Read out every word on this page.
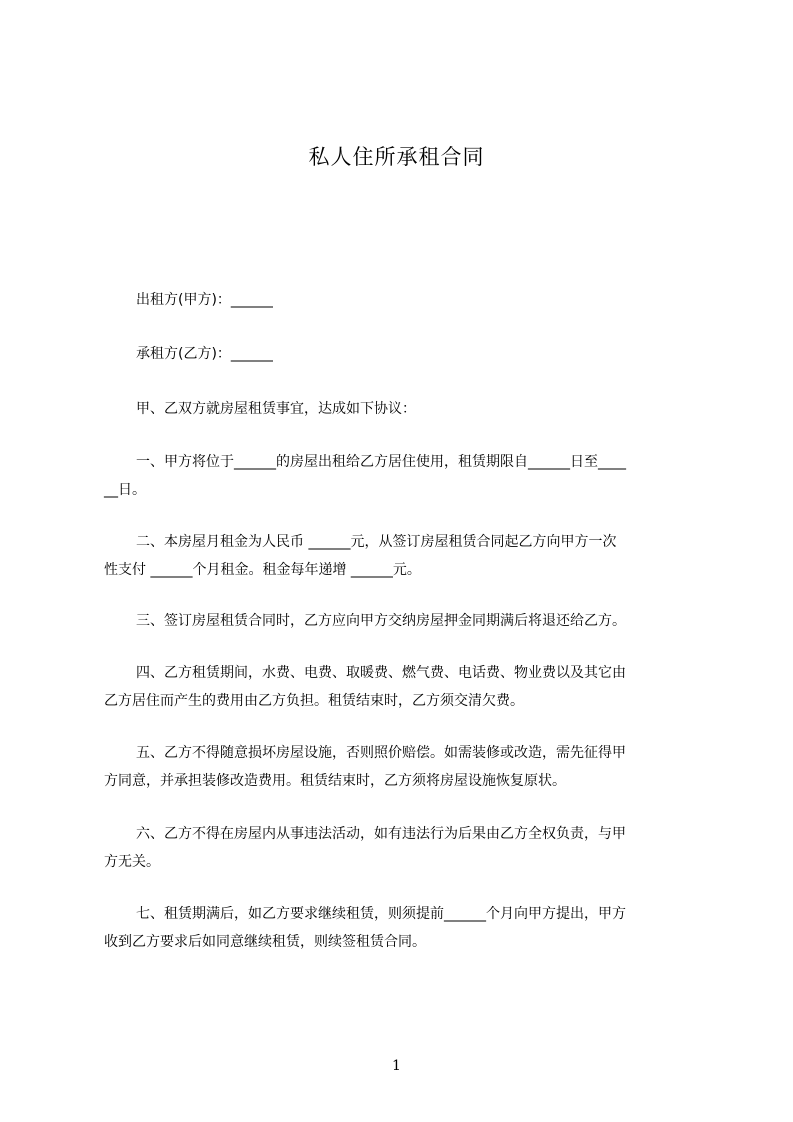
私人住所承租合同
出租方(甲方)：______
承租方(乙方)：______
甲、乙双方就房屋租赁事宜，达成如下协议：
一、甲方将位于______的房屋出租给乙方居住使用，租赁期限自______日至____
__日。
二、本房屋月租金为人民币 ______元，从签订房屋租赁合同起乙方向甲方一次
性支付 ______个月租金。租金每年递增 ______元。
三、签订房屋租赁合同时，乙方应向甲方交纳房屋押金同期满后将退还给乙方。
四、乙方租赁期间，水费、电费、取暖费、燃气费、电话费、物业费以及其它由
乙方居住而产生的费用由乙方负担。租赁结束时，乙方须交清欠费。
五、乙方不得随意损坏房屋设施，否则照价赔偿。如需装修或改造，需先征得甲
方同意，并承担装修改造费用。租赁结束时，乙方须将房屋设施恢复原状。
六、乙方不得在房屋内从事违法活动，如有违法行为后果由乙方全权负责，与甲
方无关。
七、租赁期满后，如乙方要求继续租赁，则须提前______个月向甲方提出，甲方
收到乙方要求后如同意继续租赁，则续签租赁合同。
1
